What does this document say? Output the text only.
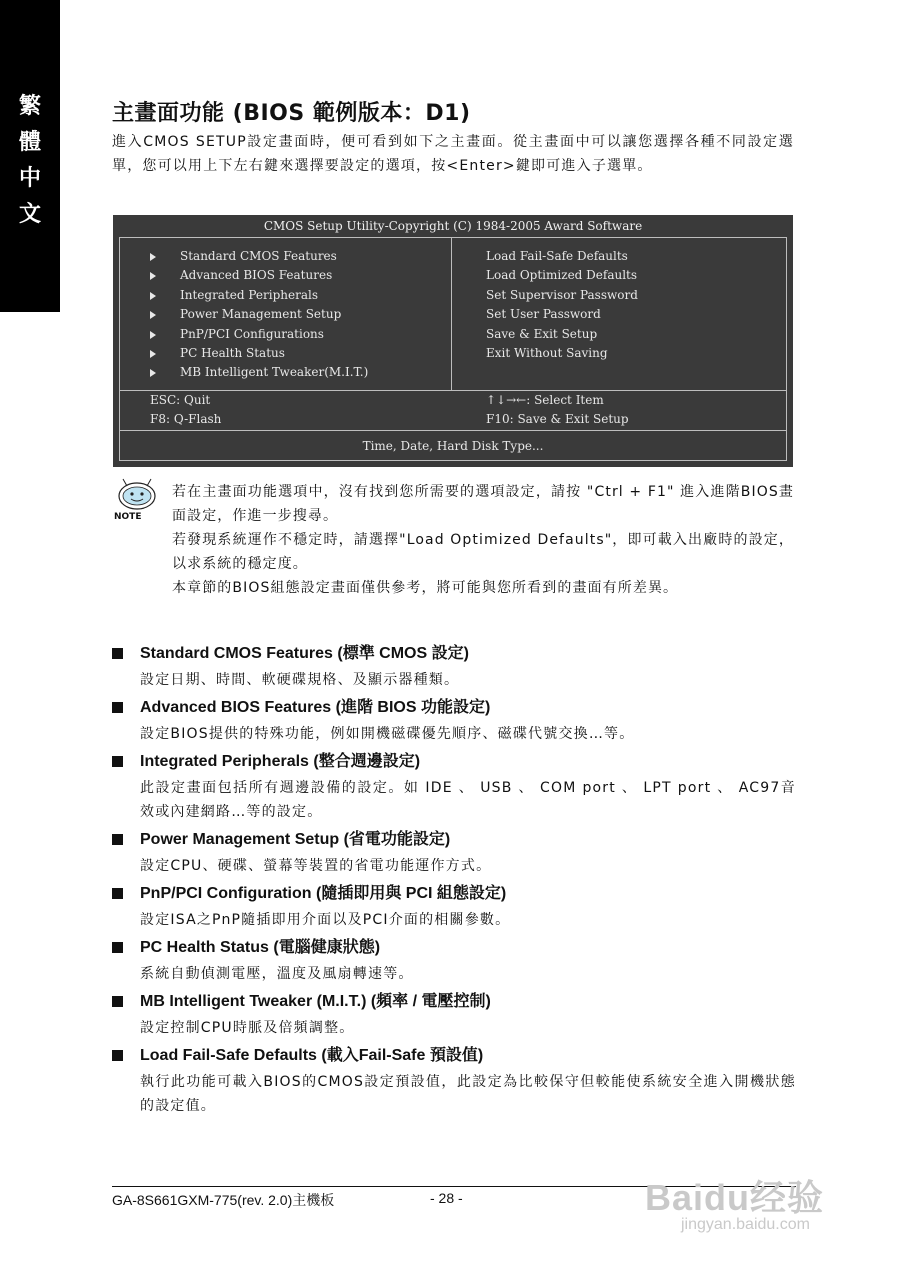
繁
體
中
文
主畫面功能 (BIOS 範例版本：D1)
進入CMOS SETUP設定畫面時，便可看到如下之主畫面。從主畫面中可以讓您選擇各種不同設定選單，您可以用上下左右鍵來選擇要設定的選項，按<Enter>鍵即可進入子選單。
CMOS Setup Utility-Copyright (C) 1984-2005 Award Software
Standard CMOS Features
Advanced BIOS Features
Integrated Peripherals
Power Management Setup
PnP/PCI Configurations
PC Health Status
MB Intelligent Tweaker(M.I.T.)
Load Fail-Safe Defaults
Load Optimized Defaults
Set Supervisor Password
Set User Password
Save & Exit Setup
Exit Without Saving
ESC: Quit
F8: Q-Flash
↑↓→←: Select Item
F10: Save & Exit Setup
Time, Date, Hard Disk Type...
NOTE

若在主畫面功能選項中，沒有找到您所需要的選項設定，請按 "Ctrl + F1" 進入進階BIOS畫面設定，作進一步搜尋。

若發現系統運作不穩定時，請選擇"Load Optimized Defaults"，即可載入出廠時的設定，以求系統的穩定度。

本章節的BIOS組態設定畫面僅供參考，將可能與您所看到的畫面有所差異。

Standard CMOS Features (標準 CMOS 設定)
設定日期、時間、軟硬碟規格、及顯示器種類。
Advanced BIOS Features (進階 BIOS 功能設定)
設定BIOS提供的特殊功能，例如開機磁碟優先順序、磁碟代號交換…等。
Integrated Peripherals (整合週邊設定)
此設定畫面包括所有週邊設備的設定。如 IDE 、 USB 、 COM port 、 LPT port 、 AC97音效或內建網路…等的設定。
Power Management Setup (省電功能設定)
設定CPU、硬碟、螢幕等裝置的省電功能運作方式。
PnP/PCI Configuration (隨插即用與 PCI 組態設定)
設定ISA之PnP隨插即用介面以及PCI介面的相關參數。
PC Health Status (電腦健康狀態)
系統自動偵測電壓，溫度及風扇轉速等。
MB Intelligent Tweaker (M.I.T.) (頻率 / 電壓控制)
設定控制CPU時脈及倍頻調整。
Load Fail-Safe Defaults (載入Fail-Safe 預設值)
執行此功能可載入BIOS的CMOS設定預設值，此設定為比較保守但較能使系統安全進入開機狀態的設定值。
GA-8S661GXM-775(rev. 2.0)主機板	- 28 -	Baidu经验
jingyan.baidu.com
